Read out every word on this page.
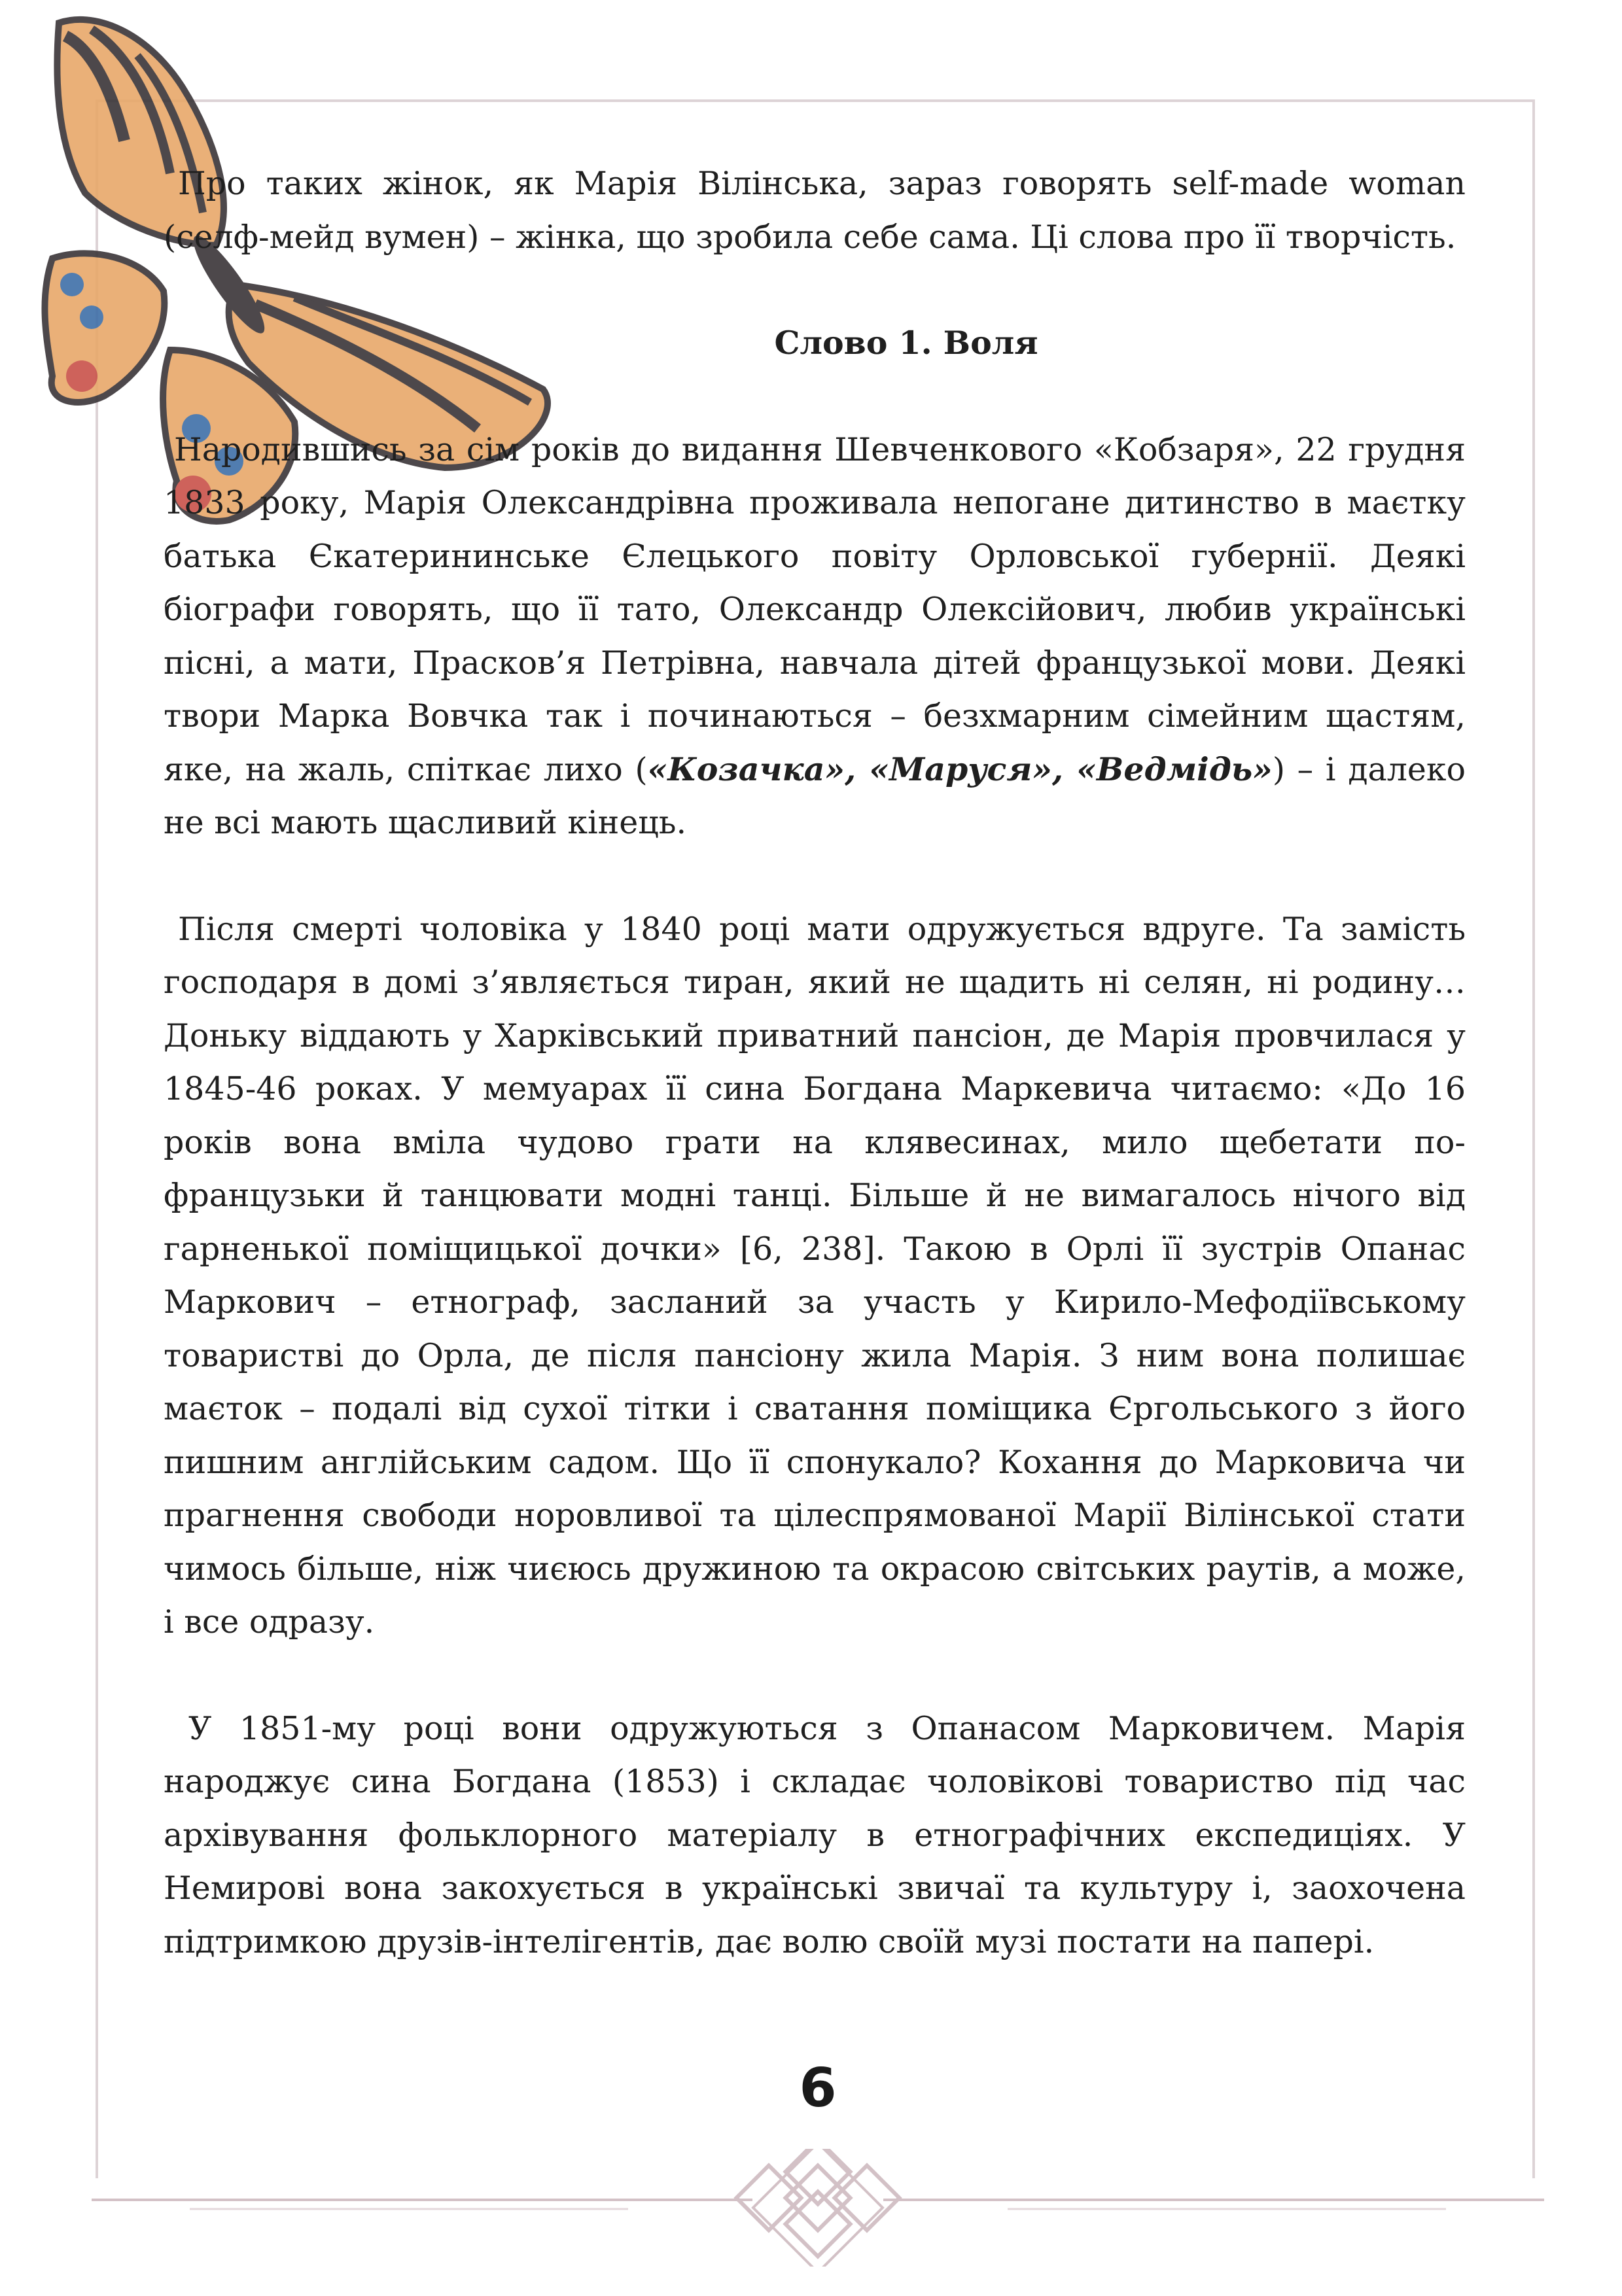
Про таких жінок, як Марія Вілінська, зараз говорять self-made woman (селф-мейд вумен) – жінка, що зробила себе сама. Ці слова про її творчість.

Слово 1. Воля

Народившись за сім років до видання Шевченкового «Кобзаря», 22 грудня 1833 року, Марія Олександрівна проживала непогане дитинство в маєтку батька Єкатерининське Єлецького повіту Орловської губернії. Деякі біографи говорять, що її тато, Олександр Олексійович, любив українські пісні, а мати, Прасков’я Петрівна, навчала дітей французької мови. Деякі твори Марка Вовчка так і починаються – безхмарним сімейним щастям, яке, на жаль, спіткає лихо («Козачка», «Маруся», «Ведмідь») – і далеко не всі мають щасливий кінець.

Після смерті чоловіка у 1840 році мати одружується вдруге. Та замість господаря в домі з’являється тиран, який не щадить ні селян, ні родину… Доньку віддають у Харківський приватний пансіон, де Марія провчилася у 1845-46 роках. У мемуарах її сина Богдана Маркевича читаємо: «До 16 років вона вміла чудово грати на клявесинах, мило щебетати по-французьки й танцювати модні танці. Більше й не вимагалось нічого від гарненької поміщицької дочки» [6, 238]. Такою в Орлі її зустрів Опанас Маркович – етнограф, засланий за участь у Кирило-Мефодіївському товаристві до Орла, де після пансіону жила Марія. З ним вона полишає маєток – подалі від сухої тітки і сватання поміщика Єргольського з його пишним англійським садом. Що її спонукало? Кохання до Марковича чи прагнення свободи норовливої та цілеспрямованої Марії Вілінської стати чимось більше, ніж чиєюсь дружиною та окрасою світських раутів, а може, і все одразу.

У 1851-му році вони одружуються з Опанасом Марковичем. Марія народжує сина Богдана (1853) і складає чоловікові товариство під час архівування фольклорного матеріалу в етнографічних експедиціях. У Немирові вона закохується в українські звичаї та культуру і, заохочена підтримкою друзів-інтелігентів, дає волю своїй музі постати на папері.

6
